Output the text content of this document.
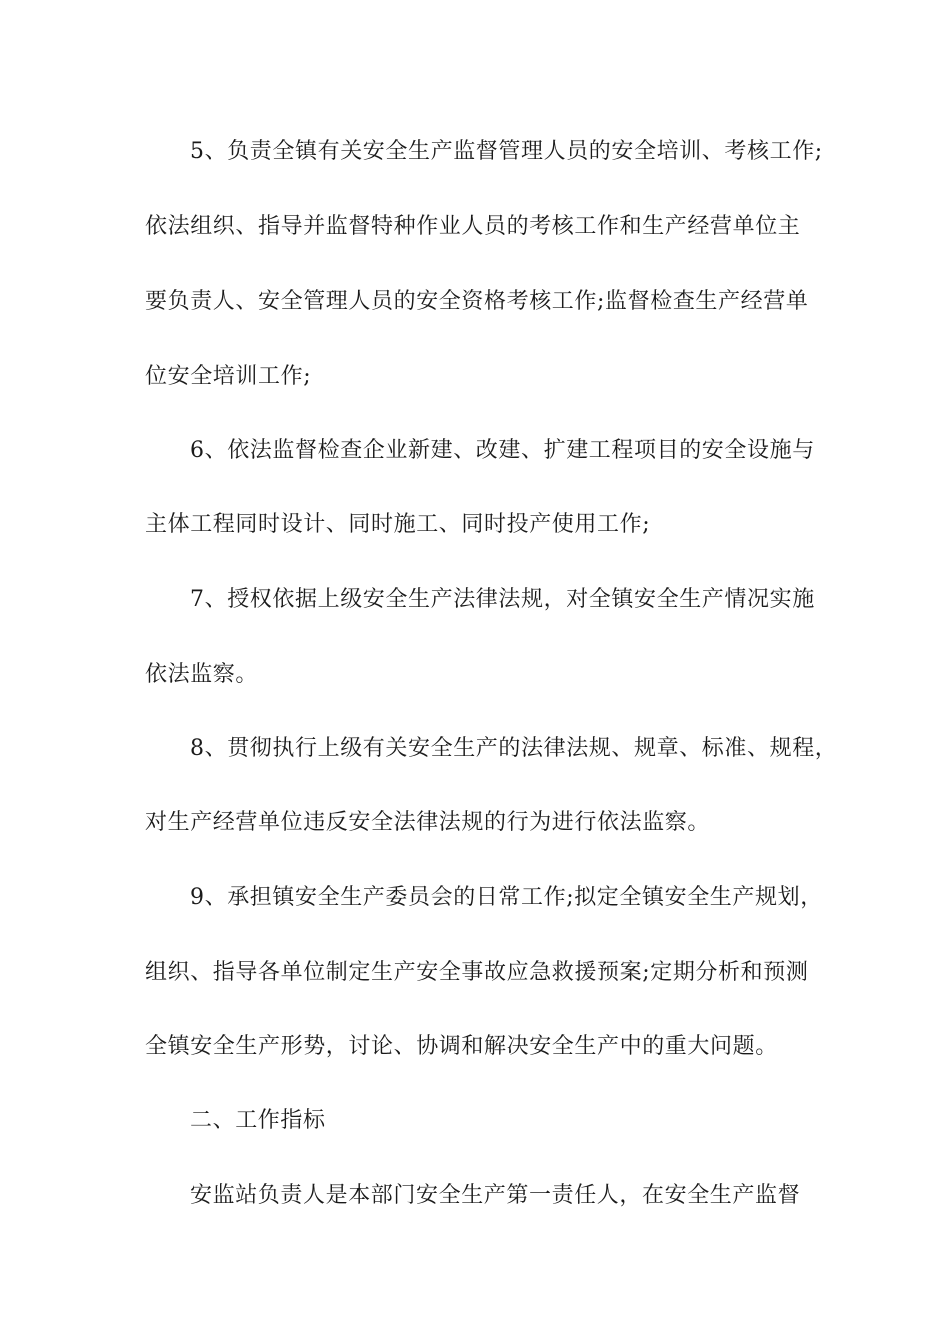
5、负责全镇有关安全生产监督管理人员的安全培训、考核工作;
依法组织、指导并监督特种作业人员的考核工作和生产经营单位主
要负责人、安全管理人员的安全资格考核工作;监督检查生产经营单
位安全培训工作;
6、依法监督检查企业新建、改建、扩建工程项目的安全设施与
主体工程同时设计、同时施工、同时投产使用工作;
7、授权依据上级安全生产法律法规，对全镇安全生产情况实施
依法监察。
8、贯彻执行上级有关安全生产的法律法规、规章、标准、规程，
对生产经营单位违反安全法律法规的行为进行依法监察。
9、承担镇安全生产委员会的日常工作;拟定全镇安全生产规划，
组织、指导各单位制定生产安全事故应急救援预案;定期分析和预测
全镇安全生产形势，讨论、协调和解决安全生产中的重大问题。
二、工作指标
安监站负责人是本部门安全生产第一责任人，在安全生产监督
